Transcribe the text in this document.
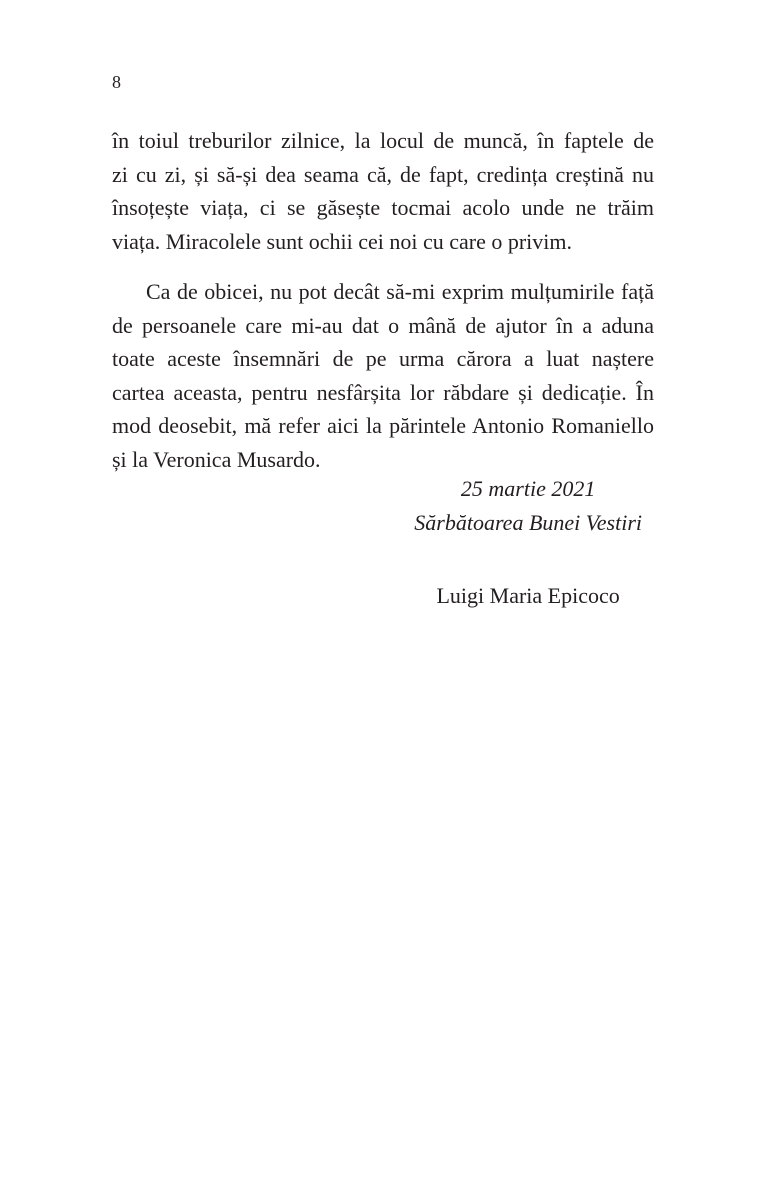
8
în toiul treburilor zilnice, la locul de muncă, în faptele de
zi cu zi, și să-și dea seama că, de fapt, credința creștină nu
însoțește viața, ci se găsește tocmai acolo unde ne trăim
viața. Miracolele sunt ochii cei noi cu care o privim.
Ca de obicei, nu pot decât să-mi exprim mulțumirile față
de persoanele care mi-au dat o mână de ajutor în a aduna
toate aceste însemnări de pe urma cărora a luat naștere
cartea aceasta, pentru nesfârșita lor răbdare și dedicație. În
mod deosebit, mă refer aici la părintele Antonio Romaniello
și la Veronica Musardo.
25 martie 2021
Sărbătoarea Bunei Vestiri
Luigi Maria Epicoco
